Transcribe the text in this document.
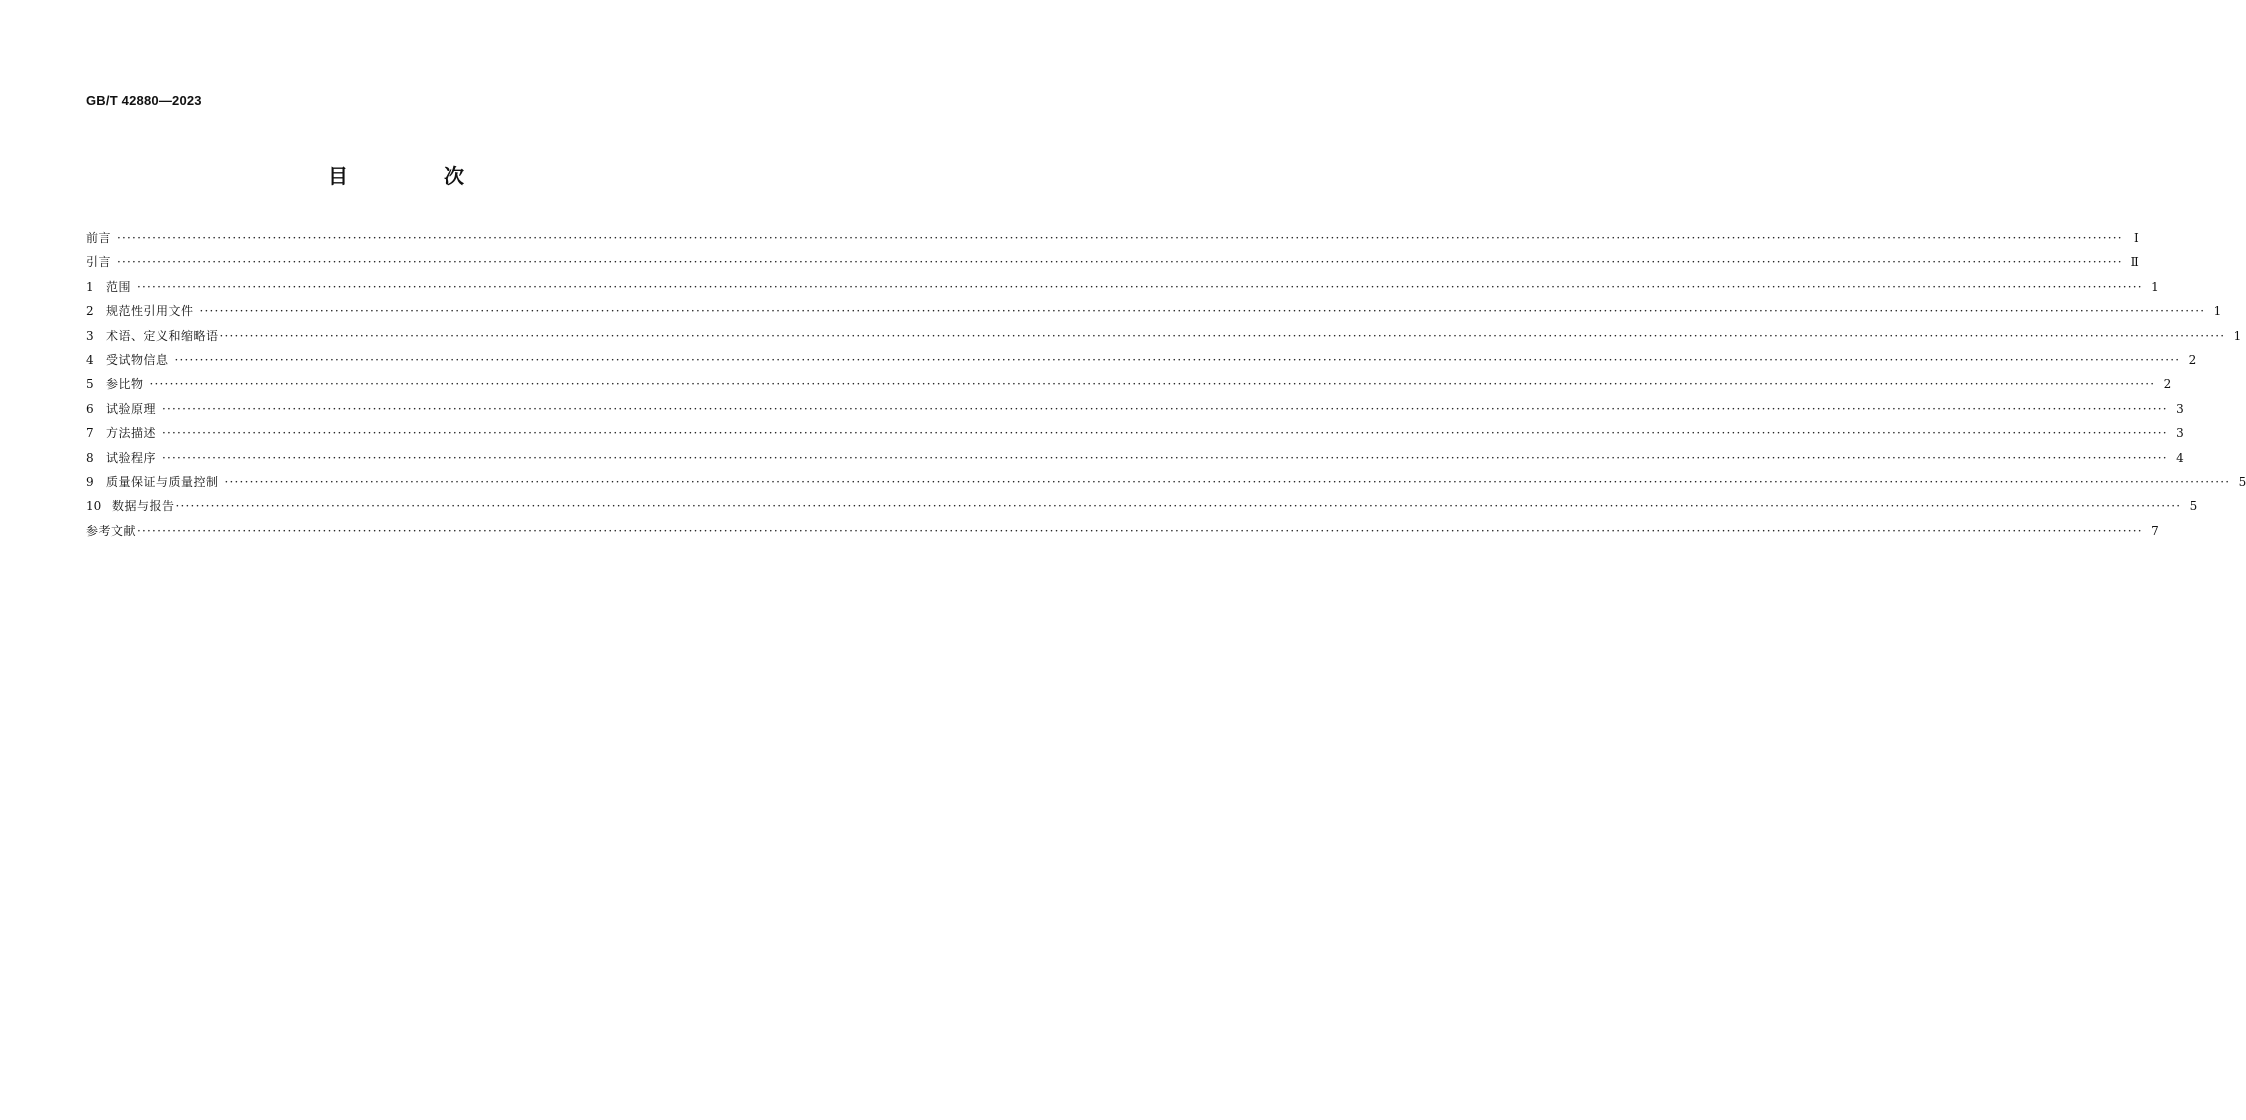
GB/T 42880—2023
目　次
前言 ················································································································································································································································································································································································································ Ⅰ
引言 ················································································································································································································································································································································································································ Ⅱ
1	范围 ················································································································································································································································································································································································································ 1
2	规范性引用文件 ················································································································································································································································································································································································································ 1
3	术语、定义和缩略语 ················································································································································································································································································································································································································ 1
4	受试物信息 ················································································································································································································································································································································································································ 2
5	参比物 ················································································································································································································································································································································································································ 2
6	试验原理 ················································································································································································································································································································································································································ 3
7	方法描述 ················································································································································································································································································································································································································ 3
8	试验程序 ················································································································································································································································································································································································································ 4
9	质量保证与质量控制 ················································································································································································································································································································································································································ 5
10 数据与报告 ················································································································································································································································································································································································································ 5
参考文献 ················································································································································································································································································································································································································ 7
